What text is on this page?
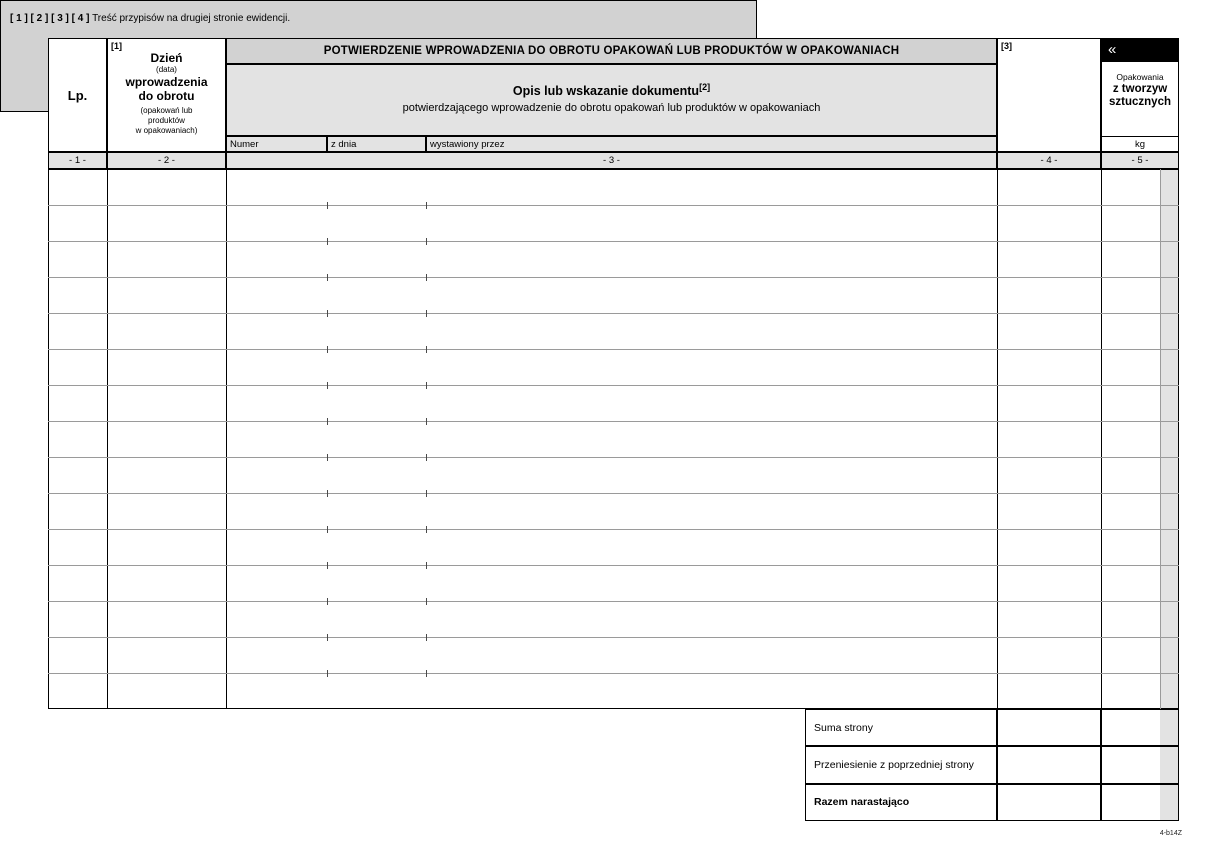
Lp.
[1]
Dzień
(data)
wprowadzenia
do obrotu
(opakowań lub
produktów
w opakowaniach)
POTWIERDZENIE WPROWADZENIA DO OBROTU OPAKOWAŃ LUB PRODUKTÓW W OPAKOWANIACH
Opis lub wskazanie dokumentu[2]
potwierdzającego wprowadzenie do obrotu opakowań lub produktów w opakowaniach
Numer	z dnia	wystawiony przez
[3]	«
Opakowania
z tworzyw
sztucznych
kg
- 1 -	- 2 -	- 3 -	- 4 -	- 5 -
[ 1 ] [ 2 ] [ 3 ] [ 4 ] Treść przypisów na drugiej stronie ewidencji.
Suma strony
Przeniesienie z poprzedniej strony
Razem narastająco
4-b14Z
